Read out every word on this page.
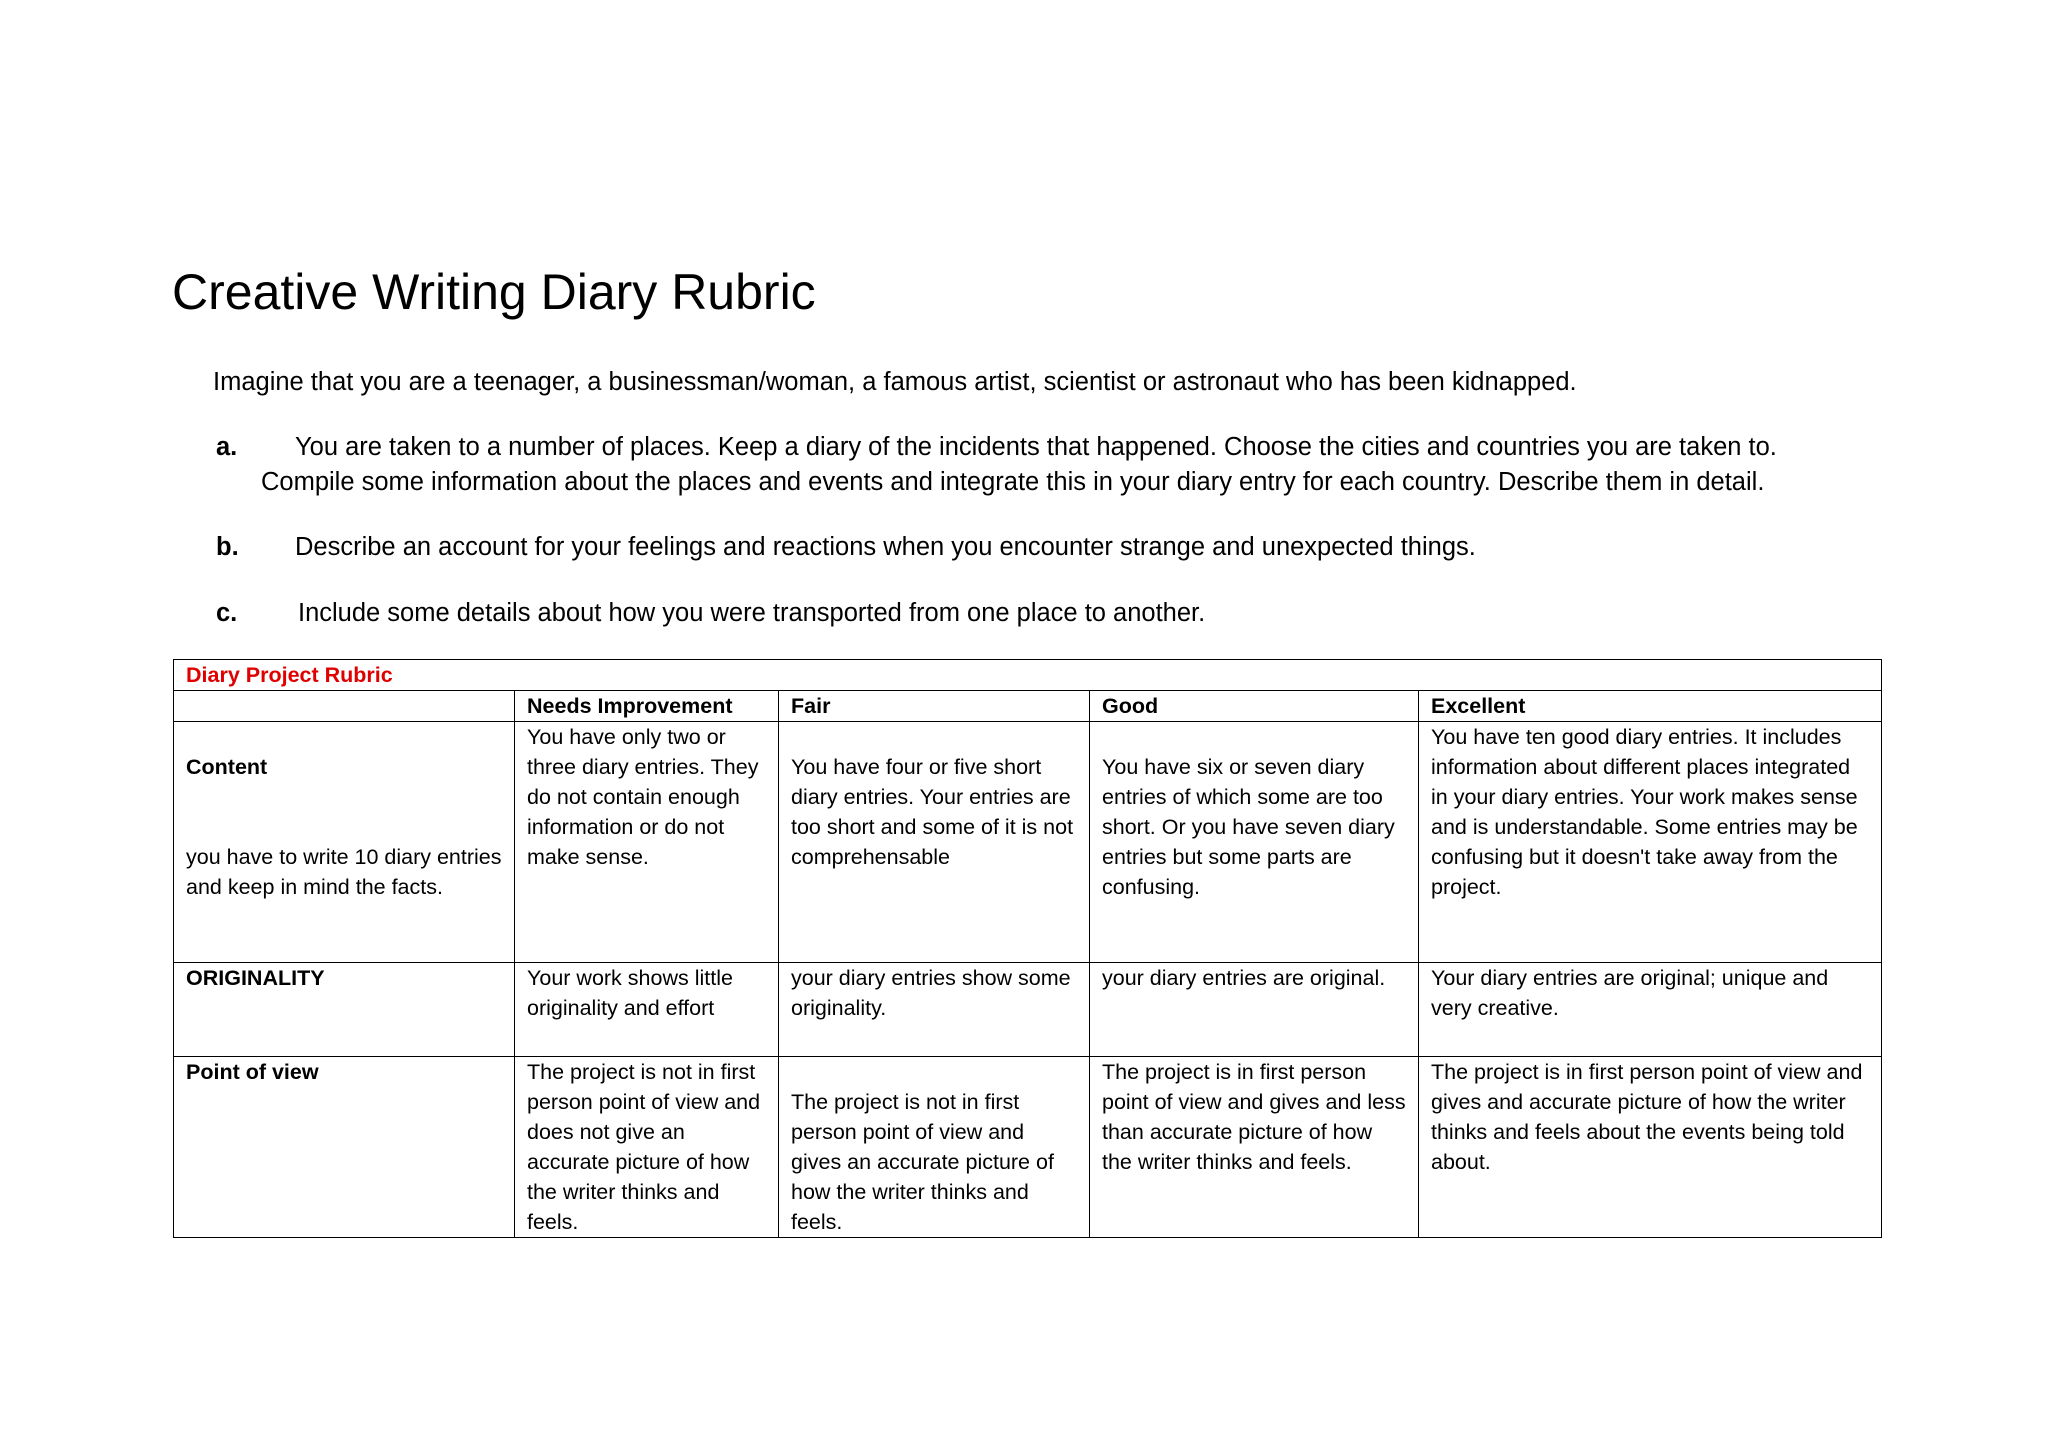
Creative Writing Diary Rubric

Imagine that you are a teenager, a businessman/woman, a famous artist, scientist or astronaut who has been kidnapped.

a. You are taken to a number of places. Keep a diary of the incidents that happened. Choose the cities and countries you are taken to.
Compile some information about the places and events and integrate this in your diary entry for each country. Describe them in detail.
b. Describe an account for your feelings and reactions when you encounter strange and unexpected things.
c. Include some details about how you were transported from one place to another.
Diary Project Rubric				
	Needs Improvement	Fair	Good	Excellent

Content
you have to write 10 diary entries and keep in mind the facts.	You have only two or three diary entries. They do not contain enough information or do not make sense.	You have four or five short diary entries. Your entries are too short and some of it is not comprehensable	You have six or seven diary entries of which some are too short. Or you have seven diary entries but some parts are confusing.	You have ten good diary entries. It includes information about different places integrated in your diary entries. Your work makes sense and is understandable. Some entries may be confusing but it doesn't take away from the project.

ORIGINALITY	Your work shows little originality and effort	your diary entries show some originality.	your diary entries are original.	Your diary entries are original; unique and very creative.

Point of view	The project is not in first person point of view and does not give an accurate picture of how the writer thinks and feels.	The project is not in first person point of view and gives an accurate picture of how the writer thinks and feels.	The project is in first person point of view and gives and less than accurate picture of how the writer thinks and feels.	The project is in first person point of view and gives and accurate picture of how the writer thinks and feels about the events being told about.
